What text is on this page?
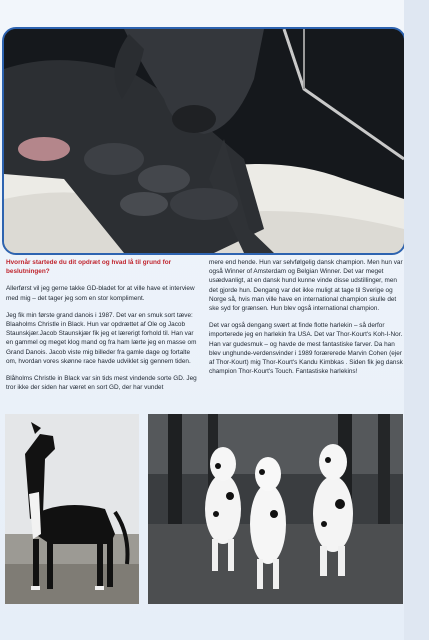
Hvornår startede du dit opdræt og hvad lå til grund for beslutningen?

Allerførst vil jeg gerne takke GD-bladet for at ville have et interview med mig – det tager jeg som en stor kompliment.

Jeg fik min første grand danois i 1987. Det var en smuk sort tæve: Blaaholms Christle in Black. Hun var opdrættet af Ole og Jacob Staunskjær.Jacob Staunskjær fik jeg et lærerigt forhold til. Han var en gammel og meget klog mand og fra ham lærte jeg en masse om Grand Danois. Jacob viste mig billeder fra gamle dage og fortalte om, hvordan vores skønne race havde udviklet sig gennem tiden.

Blåholms Christle in Black var sin tids mest vindende sorte GD. Jeg tror ikke der siden har været en sort GD, der har vundet

mere end hende. Hun var selvfølgelig dansk champion. Men hun var også Winner of Amsterdam og Belgian Winner. Det var meget usædvanligt, at en dansk hund kunne vinde disse udstillinger, men det gjorde hun. Dengang var det ikke muligt at tage til Sverige og Norge så, hvis man ville have en international champion skulle det ske syd for grænsen. Hun blev også international champion.

Det var også dengang svært at finde flotte harlekin – så derfor importerede jeg en harlekin fra USA. Det var Thor-Kourt's Koh-I-Nor. Han var gudesmuk – og havde de mest fantastiske farver. Da han blev unghunde-verdensvinder i 1989 forærerede Marvin Cohen (ejer af Thor-Kourt) mig Thor-Kourt's Kandu Kimbkas . Siden fik jeg dansk champion Thor-Kourt's Touch. Fantastiske harlekins!
